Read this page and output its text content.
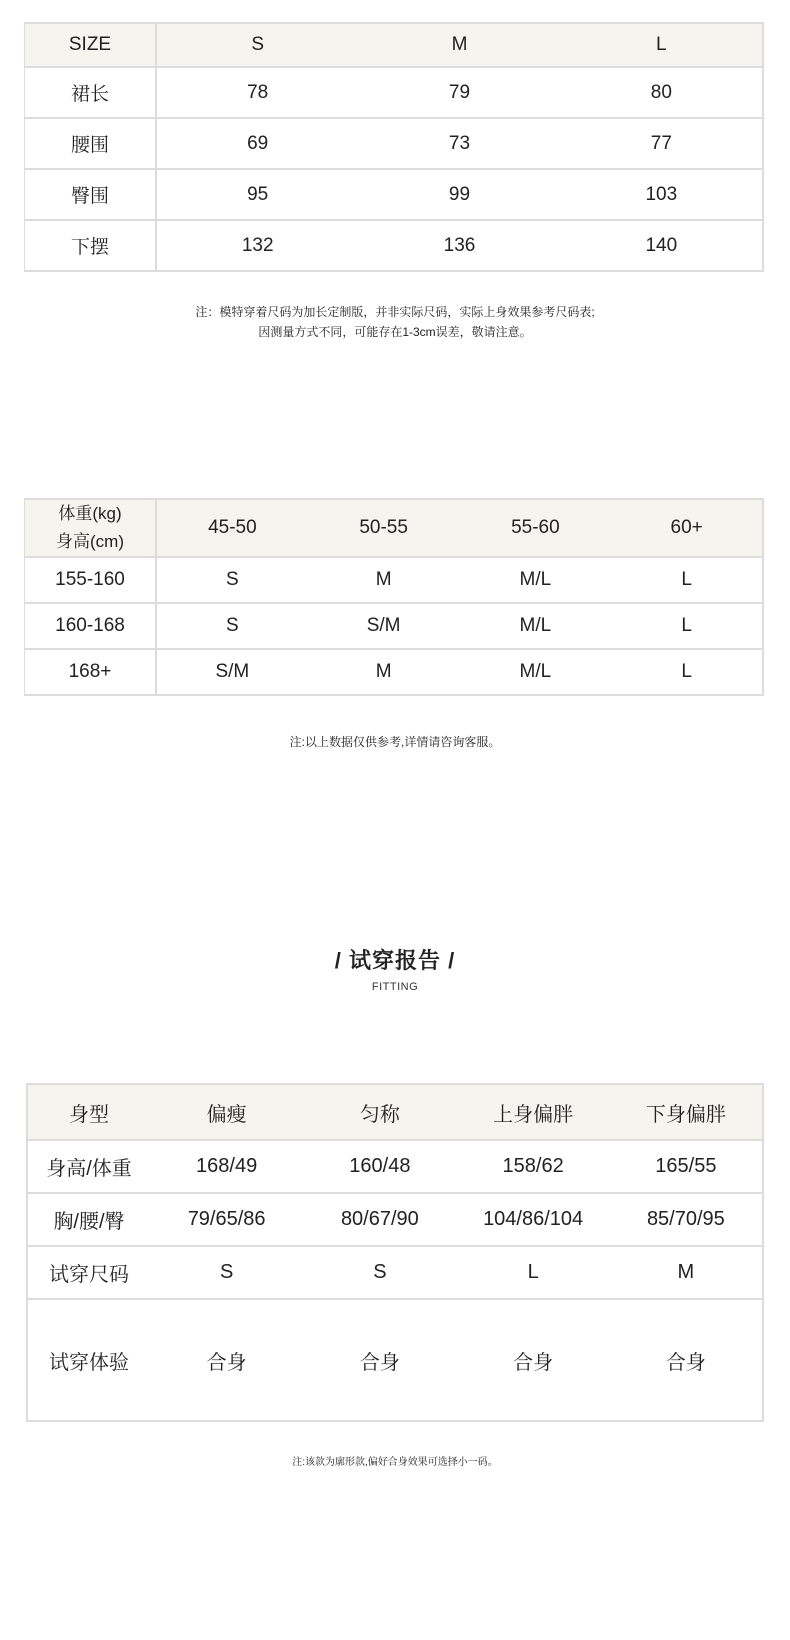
SIZE	S	M	L
裙长	78	79	80
腰围	69	73	77
臀围	95	99	103
下摆	132	136	140
注：模特穿着尺码为加长定制版，并非实际尺码，实际上身效果参考尺码表;
因测量方式不同，可能存在1-3cm误差，敬请注意。
体重(kg)
身高(cm)	45-50	50-55	55-60	60+
155-160	S	M	M/L	L
160-168	S	S/M	M/L	L
168+	S/M	M	M/L	L
注:以上数据仅供参考,详情请咨询客服。
/ 试穿报告 /
FITTING
身型	偏瘦	匀称	上身偏胖	下身偏胖
身高/体重	168/49	160/48	158/62	165/55
胸/腰/臀	79/65/86	80/67/90	104/86/104	85/70/95
试穿尺码	S	S	L	M
试穿体验	合身	合身	合身	合身
注:该款为廓形款,偏好合身效果可选择小一码。
